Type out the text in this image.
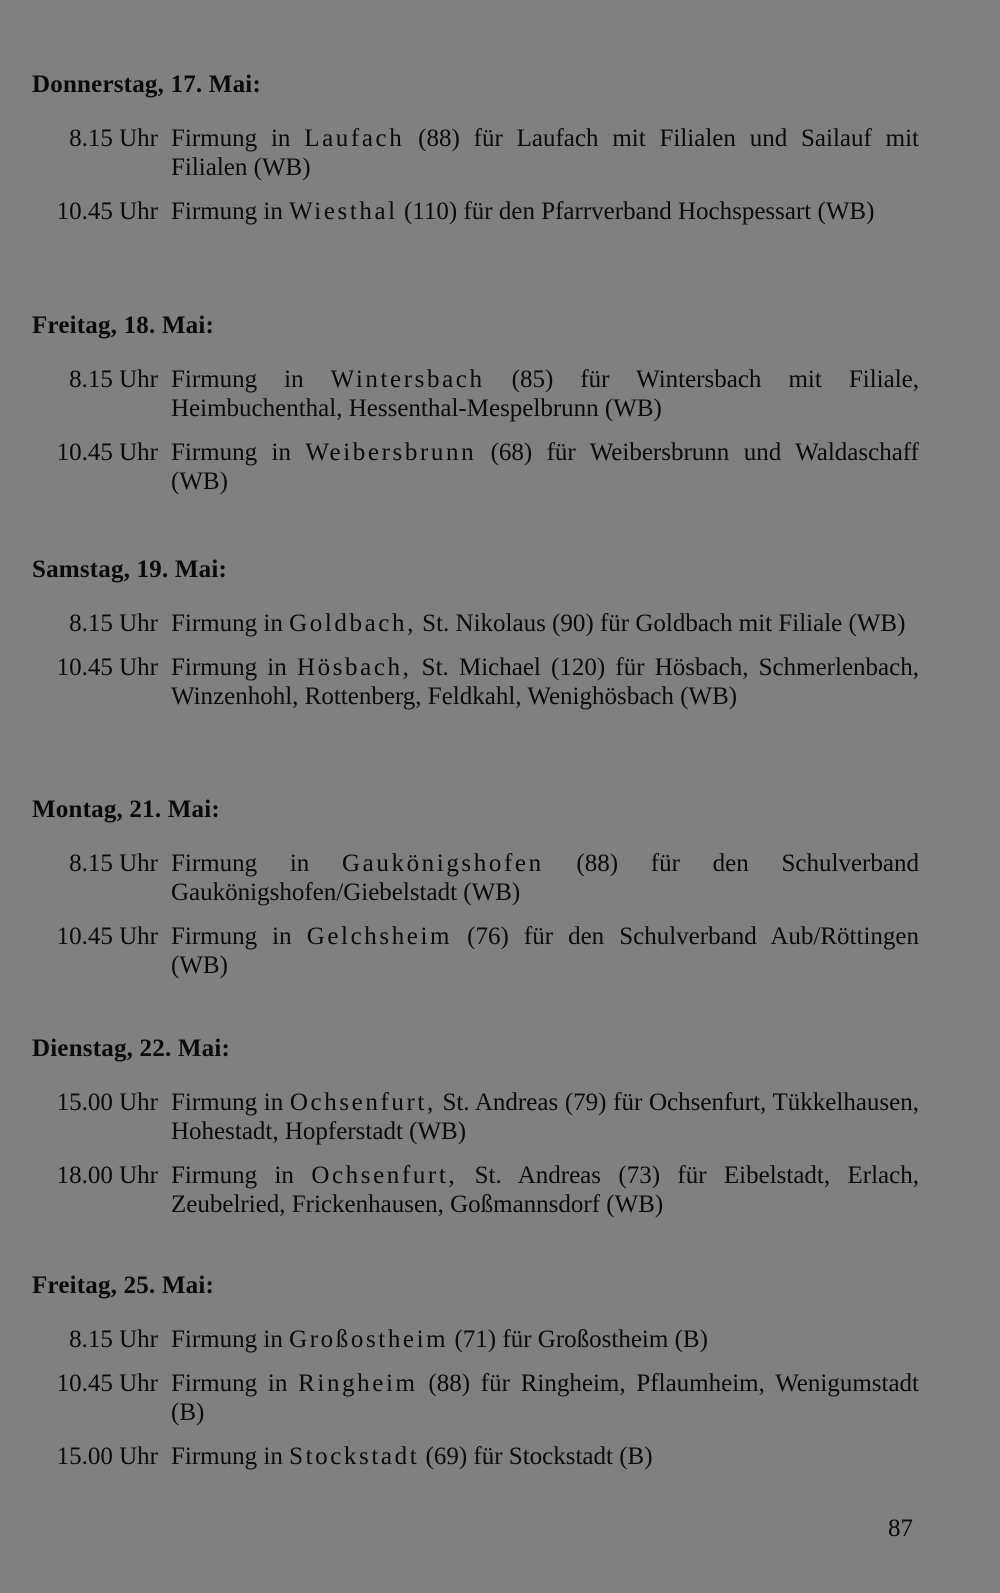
Donnerstag, 17. Mai:
8.15 Uhr Firmung in Laufach (88) für Laufach mit Filialen und Sailauf mit Filialen (WB)
10.45 Uhr Firmung in Wiesthal (110) für den Pfarrverband Hochspessart (WB)
Freitag, 18. Mai:
8.15 Uhr Firmung in Wintersbach (85) für Wintersbach mit Filiale, Heimbuchenthal, Hessenthal-Mespelbrunn (WB)
10.45 Uhr Firmung in Weibersbrunn (68) für Weibersbrunn und Waldaschaff (WB)
Samstag, 19. Mai:
8.15 Uhr Firmung in Goldbach, St. Nikolaus (90) für Goldbach mit Filiale (WB)
10.45 Uhr Firmung in Hösbach, St. Michael (120) für Hösbach, Schmerlenbach, Winzenhohl, Rottenberg, Feldkahl, Wenighösbach (WB)
Montag, 21. Mai:
8.15 Uhr Firmung in Gaukönigshofen (88) für den Schulverband Gaukönigshofen/Giebelstadt (WB)
10.45 Uhr Firmung in Gelchsheim (76) für den Schulverband Aub/Röttingen (WB)
Dienstag, 22. Mai:
15.00 Uhr Firmung in Ochsenfurt, St. Andreas (79) für Ochsenfurt, Tükkelhausen, Hohestadt, Hopferstadt (WB)
18.00 Uhr Firmung in Ochsenfurt, St. Andreas (73) für Eibelstadt, Erlach, Zeubelried, Frickenhausen, Goßmannsdorf (WB)
Freitag, 25. Mai:
8.15 Uhr Firmung in Großostheim (71) für Großostheim (B)
10.45 Uhr Firmung in Ringheim (88) für Ringheim, Pflaumheim, Wenigumstadt (B)
15.00 Uhr Firmung in Stockstadt (69) für Stockstadt (B)
87
